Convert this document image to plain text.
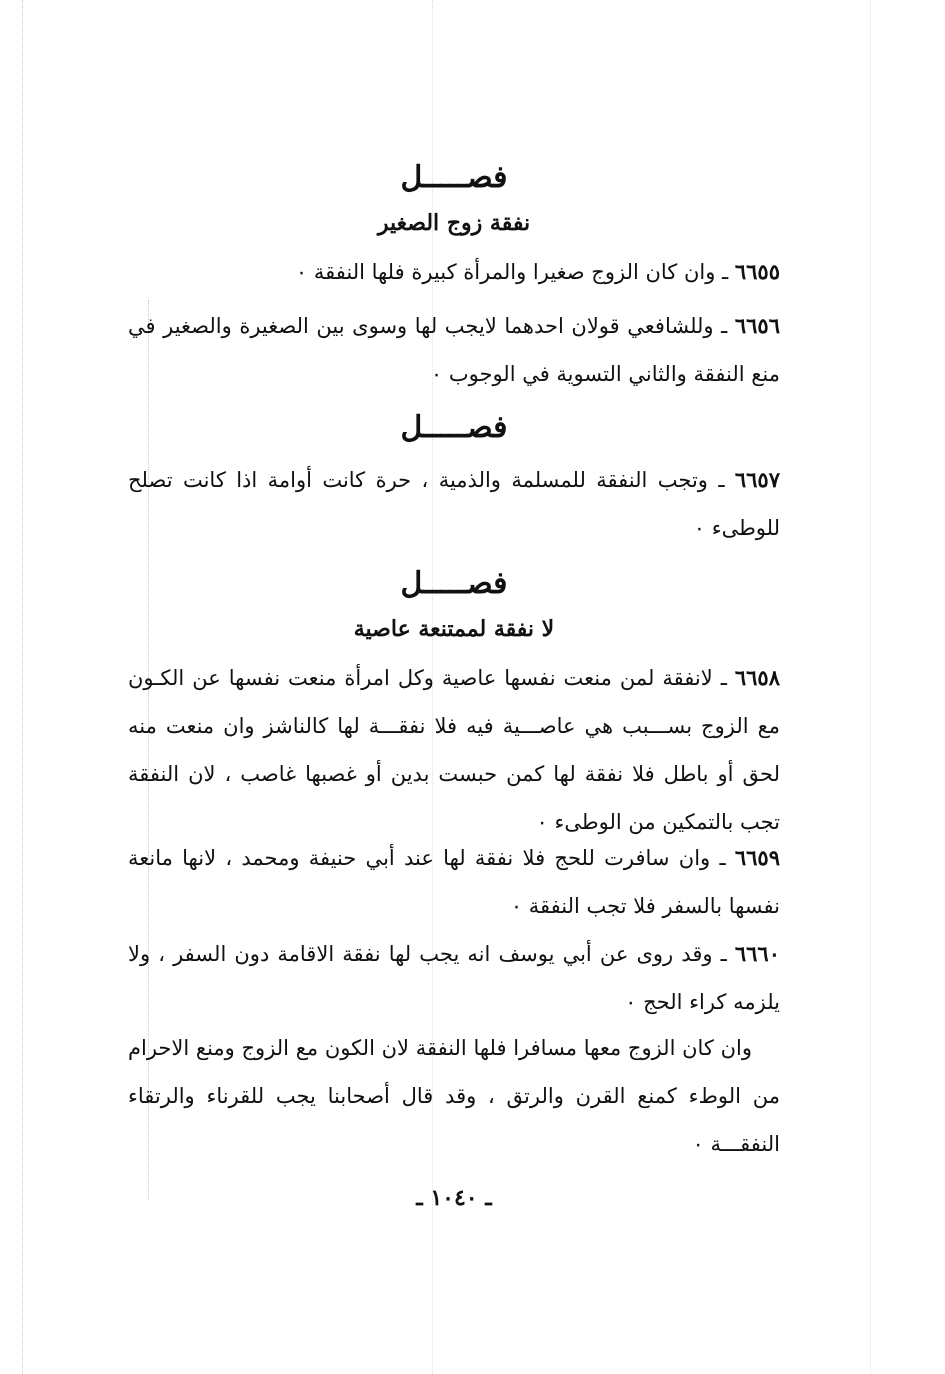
فصـــــل
نفقة زوج الصغير
٦٦٥٥ ـ وان كان الزوج صغيرا والمرأة كبيرة فلها النفقة ٠
٦٦٥٦ ـ وللشافعي قولان احدهما لايجب لها وسوى بين الصغيرة والصغير في منع النفقة والثاني التسوية في الوجوب ٠
فصـــــل
٦٦٥٧ ـ وتجب النفقة للمسلمة والذمية ، حرة كانت أوامة اذا كانت تصلح للوطىء ٠
فصـــــل
لا نفقة لممتنعة عاصية
٦٦٥٨ ـ لانفقة لمن منعت نفسها عاصية وكل امرأة منعت نفسها عن الكـون مع الزوج بســـبب هي عاصـــية فيه فلا نفقـــة لها كالناشز وان منعت منه لحق أو باطل فلا نفقة لها كمن حبست بدين أو غصبها غاصب ، لان النفقة تجب بالتمكين من الوطىء ٠
٦٦٥٩ ـ وان سافرت للحج فلا نفقة لها عند أبي حنيفة ومحمد ، لانها مانعة نفسها بالسفر فلا تجب النفقة ٠
٦٦٦٠ ـ وقد روى عن أبي يوسف انه يجب لها نفقة الاقامة دون السفر ، ولا يلزمه كراء الحج ٠
وان كان الزوج معها مسافرا فلها النفقة لان الكون مع الزوج ومنع الاحرام من الوطء كمنع القرن والرتق ، وقد قال أصحابنا يجب للقرناء والرتقاء النفقـــة ٠
ـ ١٠٤٠ ـ
